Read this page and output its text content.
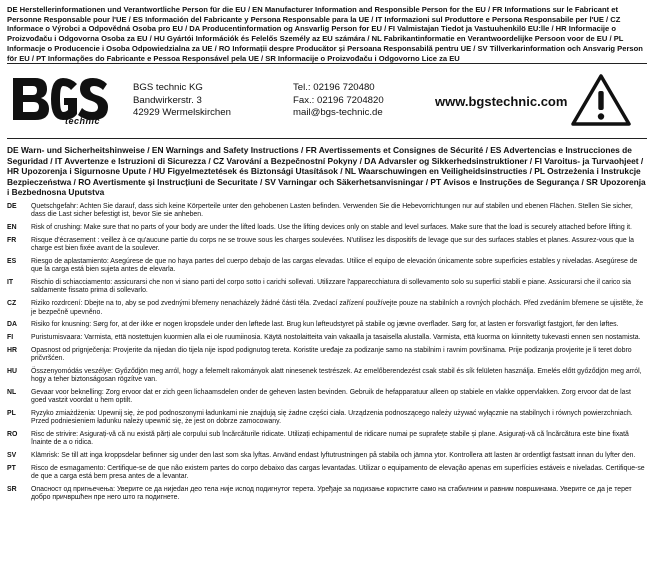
DE Herstellerinformationen und Verantwortliche Person für die EU / EN Manufacturer Information and Responsible Person for the EU / FR Informations sur le Fabricant et Personne Responsable pour l'UE / ES Información del Fabricante y Persona Responsable para la UE / IT Informazioni sul Produttore e Persona Responsabile per l'UE / CZ Informace o Výrobci a Odpovědná Osoba pro EU / DA Producentinformation og Ansvarlig Person for EU / FI Valmistajan Tiedot ja Vastuuhenkilö EU:lle / HR Informacije o Proizvođaču i Odgovorna Osoba za EU / HU Gyártói Információk és Felelős Személy az EU számára / NL Fabrikantinformatie en Verantwoordelijke Persoon voor de EU / PL Informacje o Producencie i Osoba Odpowiedzialna za UE / RO Informații despre Producător și Persoana Responsabilă pentru UE / SV Tillverkarinformation och Ansvarig Person för EU / PT Informações do Fabricante e Pessoa Responsável pela UE / SR Informacije o Proizvođaču i Odgovorno Lice za EU

technic
BGS technic KG
Bandwirkerstr. 3
42929 Wermelskirchen
Tel.: 02196 720480
Fax.: 02196 7204820
mail@bgs-technic.de
www.bgstechnic.com

DE Warn- und Sicherheitshinweise / EN Warnings and Safety Instructions / FR Avertissements et Consignes de Sécurité / ES Advertencias e Instrucciones de Seguridad / IT Avvertenze e Istruzioni di Sicurezza / CZ Varování a Bezpečnostní Pokyny / DA Advarsler og Sikkerhedsinstruktioner / FI Varoitus- ja Turvaohjeet / HR Upozorenja i Sigurnosne Upute / HU Figyelmeztetések és Biztonsági Utasítások / NL Waarschuwingen en Veiligheidsinstructies / PL Ostrzeżenia i Instrukcje Bezpieczeństwa / RO Avertismente și Instrucțiuni de Securitate / SV Varningar och Säkerhetsanvisningar / PT Avisos e Instruções de Segurança / SR Upozorenja i Bezbednosna Uputstva

DE	Quetschgefahr: Achten Sie darauf, dass sich keine Körperteile unter den gehobenen Lasten befinden. Verwenden Sie die Hebevorrichtungen nur auf stabilen und ebenen Flächen. Stellen Sie sicher, dass die Last sicher befestigt ist, bevor Sie sie anheben.
EN	Risk of crushing: Make sure that no parts of your body are under the lifted loads. Use the lifting devices only on stable and level surfaces. Make sure that the load is securely attached before lifting it.
FR	Risque d'écrasement : veillez à ce qu'aucune partie du corps ne se trouve sous les charges soulevées. N'utilisez les dispositifs de levage que sur des surfaces stables et planes. Assurez-vous que la charge est bien fixée avant de la soulever.
ES	Riesgo de aplastamiento: Asegúrese de que no haya partes del cuerpo debajo de las cargas elevadas. Utilice el equipo de elevación únicamente sobre superficies estables y niveladas. Asegúrese de que la carga está bien sujeta antes de elevarla.
IT	Rischio di schiacciamento: assicurarsi che non vi siano parti del corpo sotto i carichi sollevati. Utilizzare l'apparecchiatura di sollevamento solo su superfici stabili e piane. Assicurarsi che il carico sia saldamente fissato prima di sollevarlo.
CZ	Riziko rozdrcení: Dbejte na to, aby se pod zvednými břemeny nenacházely žádné části těla. Zvedací zařízení používejte pouze na stabilních a rovných plochách. Před zvedáním břemene se ujistěte, že je bezpečně upevněno.
DA	Risiko for knusning: Sørg for, at der ikke er nogen kropsdele under den løftede last. Brug kun løfteudstyret på stabile og jævne overflader. Sørg for, at lasten er forsvarligt fastgjort, før den løftes.
FI	Puristumisvaara: Varmista, että nostettujen kuormien alla ei ole ruumiinosia. Käytä nostolaitteita vain vakaalla ja tasaisella alustalla. Varmista, että kuorma on kiinnitetty tukevasti ennen sen nostamista.
HR	Opasnost od prignječenja: Provjerite da nijedan dio tijela nije ispod podignutog tereta. Koristite uređaje za podizanje samo na stabilnim i ravnim površinama. Prije podizanja provjerite je li teret dobro pričvršćen.
HU	Összenyomódás veszélye: Győződjön meg arról, hogy a felemelt rakományok alatt ninesenek testrészek. Az emelőberendezést csak stabil és sík felületen használja. Emelés előtt győződjön meg arról, hogy a teher biztonságosan rögzítve van.
NL	Gevaar voor beknelling: Zorg ervoor dat er zich geen lichaamsdelen onder de geheven lasten bevinden. Gebruik de hefapparatuur alleen op stabiele en vlakke oppervlakken. Zorg ervoor dat de last goed vastzit voordat u hem optilt.
PL	Ryzyko zmiażdżenia: Upewnij się, że pod podnoszonymi ładunkami nie znajdują się żadne części ciała. Urządzenia podnoszącego należy używać wyłącznie na stabilnych i równych powierzchniach. Przed podniesieniem ładunku należy upewnić się, że jest on dobrze zamocowany.
RO	Risc de strivire: Asigurați-vă că nu există părți ale corpului sub încărcăturile ridicate. Utilizați echipamentul de ridicare numai pe suprafețe stabile și plane. Asigurați-vă că încărcătura este bine fixată înainte de a o ridica.
SV	Klämrisk: Se till att inga kroppsdelar befinner sig under den last som ska lyftas. Använd endast lyftutrustningen på stabila och jämna ytor. Kontrollera att lasten är ordentligt fastsatt innan du lyfter den.
PT	Risco de esmagamento: Certifique-se de que não existem partes do corpo debaixo das cargas levantadas. Utilizar o equipamento de elevação apenas em superfícies estáveis e niveladas. Certifique-se de que a carga está bem presa antes de a levantar.
SR	Опасност од пригњечења: Уверите се да нијedан део тела није испод подигнутог терета. Уређаје за подизање користите само на стабилним и равним површинама. Уверите се да је терет добро причвршћен пре него што га подигнете.
